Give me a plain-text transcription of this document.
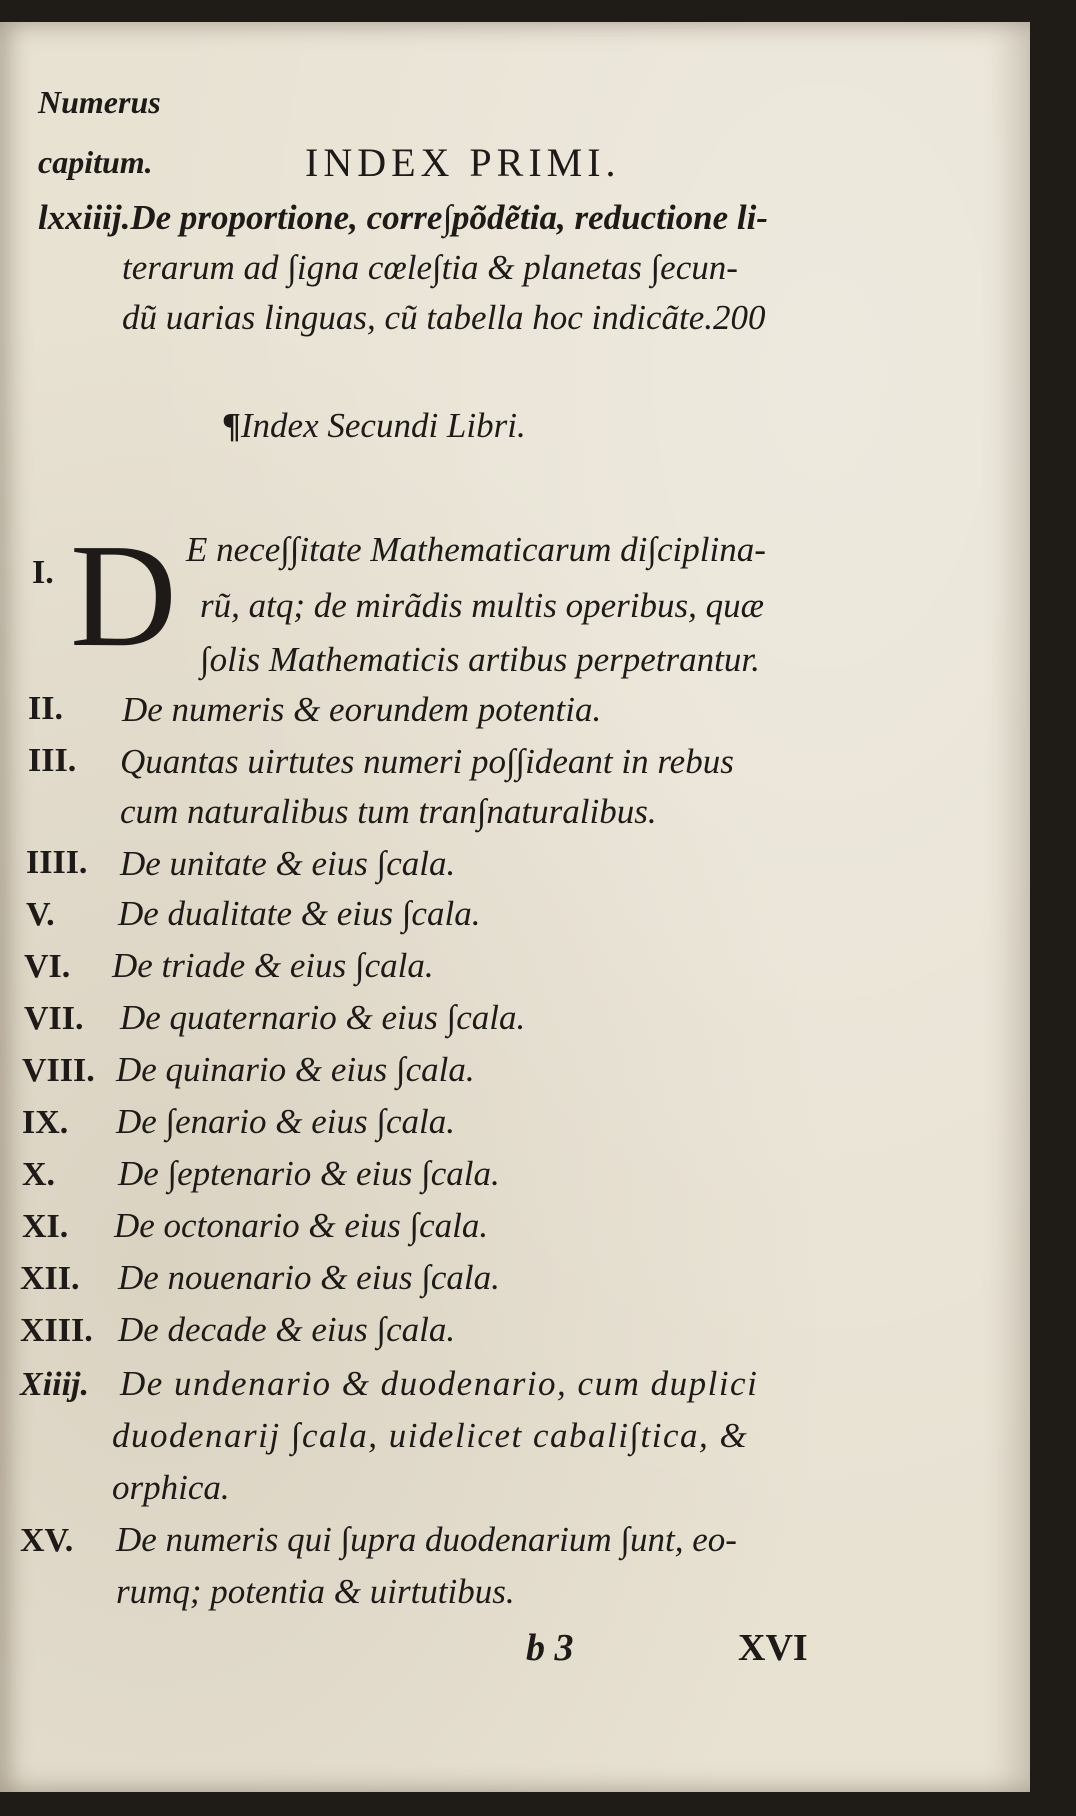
Numerus
capitum.	INDEX PRIMI.
lxxiiij.De proportione, corre∫põdẽtia, reductione li-
terarum ad ∫igna cœle∫tia & planetas ∫ecun-
dũ uarias linguas, cũ tabella hoc indicãte.200
¶Index Secundi Libri.
I. D E nece∫∫itate Mathematicarum di∫ciplina-
rũ, atq; de mirãdis multis operibus, quæ
∫olis Mathematicis artibus perpetrantur.
II. De numeris & eorundem potentia.
III. Quantas uirtutes numeri po∫∫ideant in rebus
cum naturalibus tum tran∫naturalibus.
IIII. De unitate & eius ∫cala.
V. De dualitate & eius ∫cala.
VI. De triade & eius ∫cala.
VII. De quaternario & eius ∫cala.
VIII. De quinario & eius ∫cala.
IX. De ∫enario & eius ∫cala.
X. De ∫eptenario & eius ∫cala.
XI. De octonario & eius ∫cala.
XII. De nouenario & eius ∫cala.
XIII. De decade & eius ∫cala.
Xiiij. De undenario & duodenario, cum duplici
duodenarij ∫cala, uidelicet cabali∫tica, &
orphica.
XV. De numeris qui ∫upra duodenarium ∫unt, eo-
rumq; potentia & uirtutibus.
b 3	XVI
